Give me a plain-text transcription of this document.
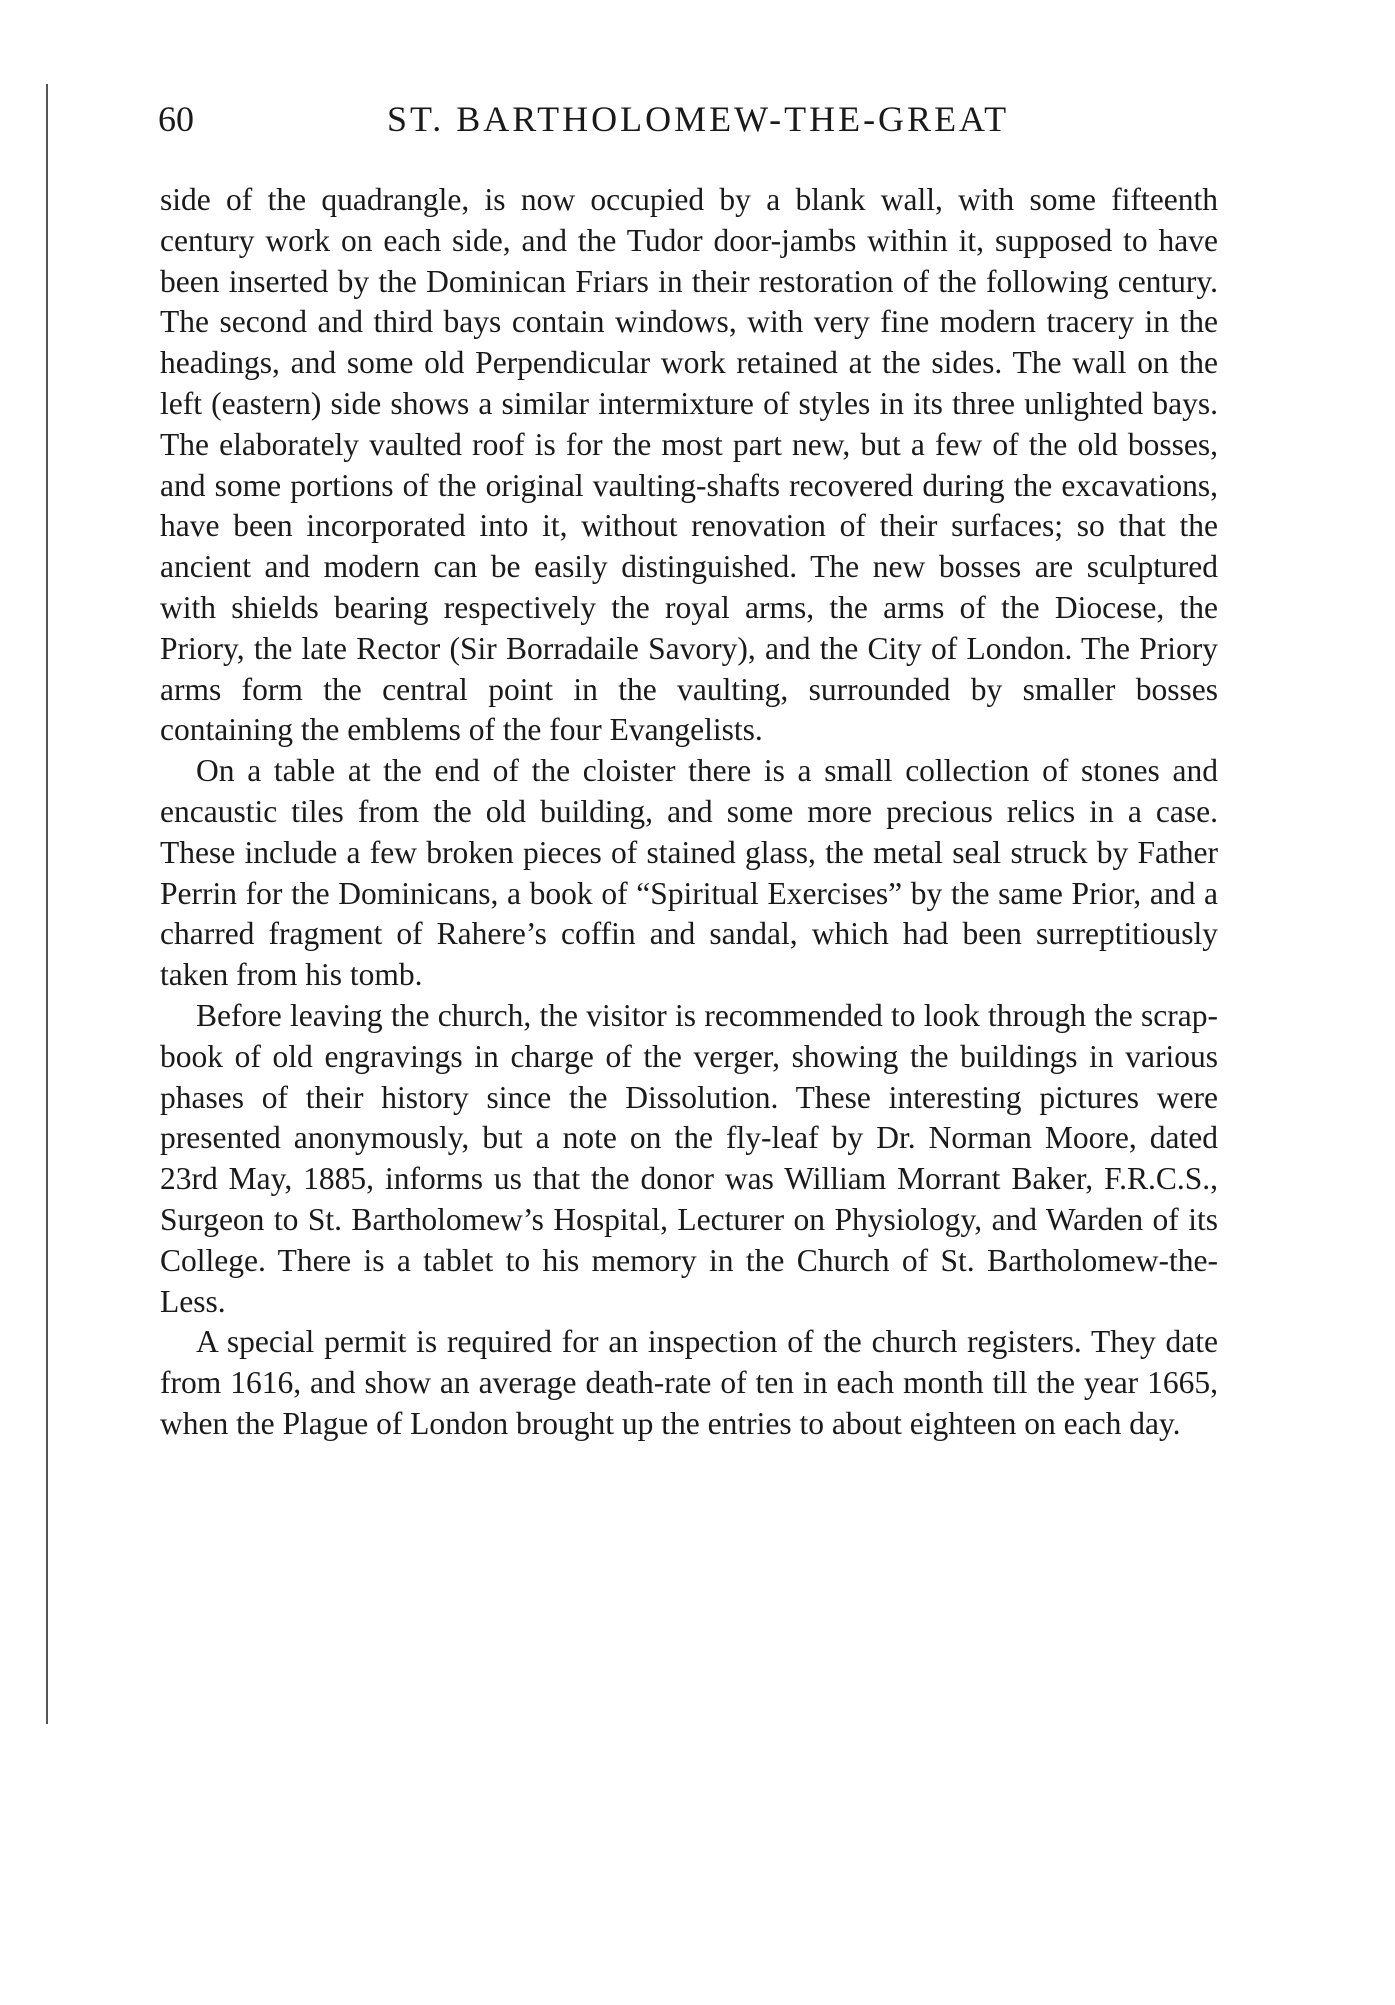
60	ST. BARTHOLOMEW-THE-GREAT

side of the quadrangle, is now occupied by a blank wall, with some fifteenth century work on each side, and the Tudor door-jambs within it, supposed to have been inserted by the Dominican Friars in their restoration of the following century. The second and third bays contain windows, with very fine modern tracery in the headings, and some old Perpendicular work retained at the sides. The wall on the left (eastern) side shows a similar intermixture of styles in its three unlighted bays. The elaborately vaulted roof is for the most part new, but a few of the old bosses, and some portions of the original vaulting-shafts recovered during the excavations, have been incorporated into it, without renovation of their surfaces; so that the ancient and modern can be easily distinguished. The new bosses are sculptured with shields bearing respectively the royal arms, the arms of the Diocese, the Priory, the late Rector (Sir Borradaile Savory), and the City of London. The Priory arms form the central point in the vaulting, surrounded by smaller bosses containing the emblems of the four Evangelists.

On a table at the end of the cloister there is a small collection of stones and encaustic tiles from the old building, and some more precious relics in a case. These include a few broken pieces of stained glass, the metal seal struck by Father Perrin for the Dominicans, a book of “Spiritual Exercises” by the same Prior, and a charred fragment of Rahere’s coffin and sandal, which had been surreptitiously taken from his tomb.

Before leaving the church, the visitor is recommended to look through the scrap-book of old engravings in charge of the verger, showing the buildings in various phases of their history since the Dissolution. These interesting pictures were presented anonymously, but a note on the fly-leaf by Dr. Norman Moore, dated 23rd May, 1885, informs us that the donor was William Morrant Baker, F.R.C.S., Surgeon to St. Bartholomew’s Hospital, Lecturer on Physiology, and Warden of its College. There is a tablet to his memory in the Church of St. Bartholomew-the-Less.

A special permit is required for an inspection of the church registers. They date from 1616, and show an average death-rate of ten in each month till the year 1665, when the Plague of London brought up the entries to about eighteen on each day.
